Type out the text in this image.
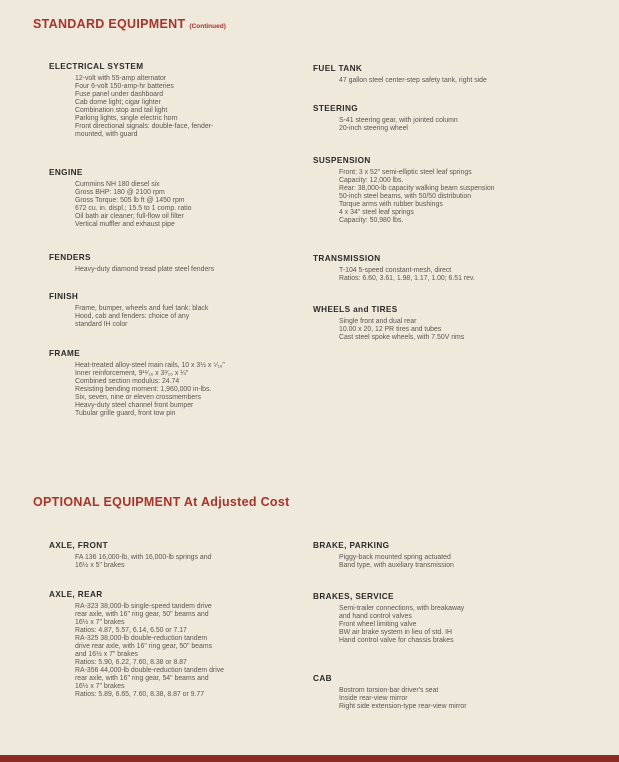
STANDARD EQUIPMENT (Continued)
ELECTRICAL SYSTEM
12-volt with 55-amp alternator
Four 6-volt 150-amp-hr batteries
Fuse panel under dashboard
Cab dome light; cigar lighter
Combination stop and tail light
Parking lights, single electric horn
Front directional signals: double-face, fender-
mounted, with guard
ENGINE
Cummins NH 180 diesel six
Gross BHP: 180 @ 2100 rpm
Gross Torque: 505 lb ft @ 1450 rpm
672 cu. in. displ.; 15.5 to 1 comp. ratio
Oil bath air cleaner; full-flow oil filter
Vertical muffler and exhaust pipe
FENDERS
Heavy-duty diamond tread plate steel fenders
FINISH
Frame, bumper, wheels and fuel tank: black
Hood, cab and fenders: choice of any
standard IH color
FRAME
Heat-treated alloy-steel main rails, 10 x 3½ x ⁵⁄₁₆"
Inner reinforcement, 9¹¹⁄₁₆ x 3³⁄₁₆ x ¼"
Combined section modulus: 24.74
Resisting bending moment: 1,960,000 in-lbs.
Six, seven, nine or eleven crossmembers
Heavy-duty steel channel front bumper
Tubular grille guard, front tow pin
FUEL TANK
47 gallon steel center-step safety tank, right side
STEERING
S-41 steering gear, with jointed column
20-inch steering wheel
SUSPENSION
Front: 3 x 52" semi-elliptic steel leaf springs
Capacity: 12,000 lbs.
Rear: 38,000-lb capacity walking beam suspension
50-inch steel beams, with 50/50 distribution
Torque arms with rubber bushings
4 x 34" steel leaf springs
Capacity: 50,980 lbs.
TRANSMISSION
T-104 5-speed constant-mesh, direct
Ratios: 6.60, 3.61, 1.98, 1.17, 1.00; 6.51 rev.
WHEELS and TIRES
Single front and dual rear
10.00 x 20, 12 PR tires and tubes
Cast steel spoke wheels, with 7.50V rims
OPTIONAL EQUIPMENT At Adjusted Cost
AXLE, FRONT
FA 136 16,000-lb, with 16,000-lb springs and
16½ x 5" brakes
AXLE, REAR
RA-323 38,000-lb single-speed tandem drive
rear axle, with 16" ring gear, 50" beams and
16½ x 7" brakes
Ratios: 4.87, 5.57, 6.14, 6.50 or 7.17
RA-325 38,000-lb double-reduction tandem
drive rear axle, with 16" ring gear, 50" beams
and 16½ x 7" brakes
Ratios: 5.90, 6.22, 7.60, 8.38 or 8.87
RA-356 44,000-lb double-reduction tandem drive
rear axle, with 16" ring gear, 54" beams and
16½ x 7" brakes
Ratios: 5.89, 6.65, 7.60, 8.38, 8.87 or 9.77
BRAKE, PARKING
Piggy-back mounted spring actuated
Band type, with auxiliary transmission
BRAKES, SERVICE
Semi-trailer connections, with breakaway
and hand control valves
Front wheel limiting valve
BW air brake system in lieu of std. IH
Hand control valve for chassis brakes
CAB
Bostrom torsion-bar driver's seat
Inside rear-view mirror
Right side extension-type rear-view mirror
